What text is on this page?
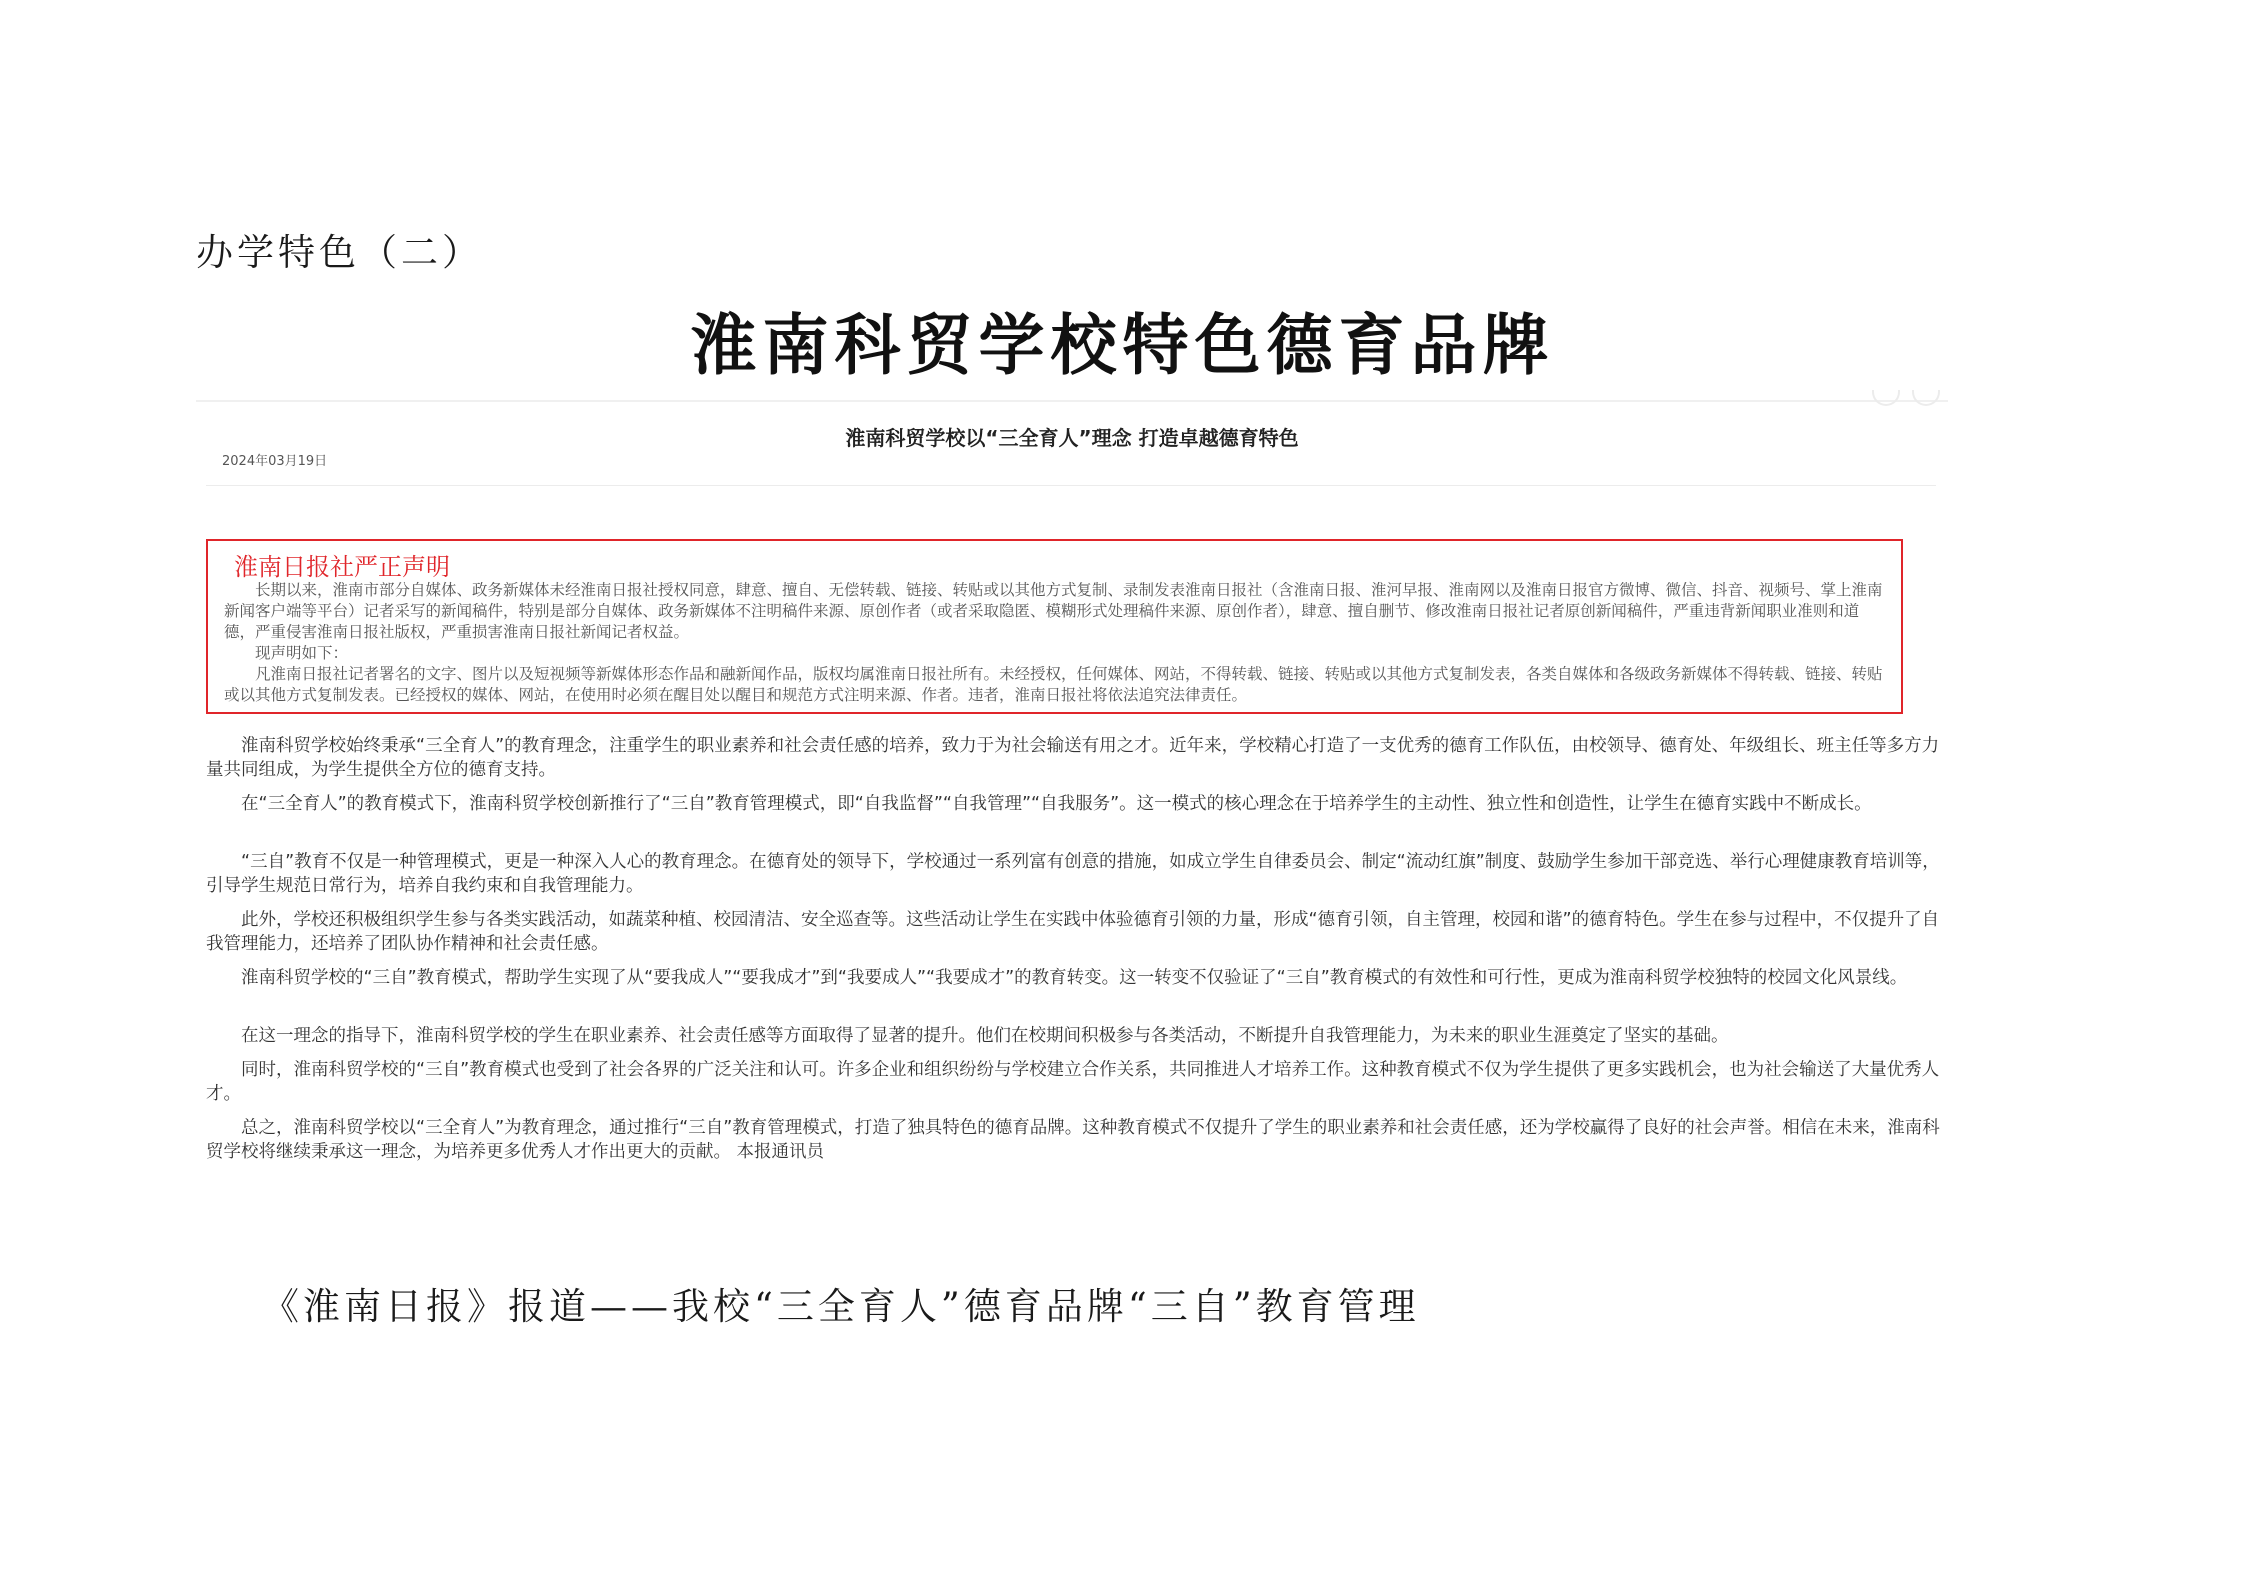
办学特色（二）
淮南科贸学校特色德育品牌
淮南科贸学校以“三全育人”理念 打造卓越德育特色
2024年03月19日
淮南日报社严正声明

长期以来，淮南市部分自媒体、政务新媒体未经淮南日报社授权同意，肆意、擅自、无偿转载、链接、转贴或以其他方式复制、录制发表淮南日报社（含淮南日报、淮河早报、淮南网以及淮南日报官方微博、微信、抖音、视频号、掌上淮南新闻客户端等平台）记者采写的新闻稿件，特别是部分自媒体、政务新媒体不注明稿件来源、原创作者（或者采取隐匿、模糊形式处理稿件来源、原创作者），肆意、擅自删节、修改淮南日报社记者原创新闻稿件，严重违背新闻职业准则和道德，严重侵害淮南日报社版权，严重损害淮南日报社新闻记者权益。

现声明如下：

凡淮南日报社记者署名的文字、图片以及短视频等新媒体形态作品和融新闻作品，版权均属淮南日报社所有。未经授权，任何媒体、网站，不得转载、链接、转贴或以其他方式复制发表，各类自媒体和各级政务新媒体不得转载、链接、转贴或以其他方式复制发表。已经授权的媒体、网站，在使用时必须在醒目处以醒目和规范方式注明来源、作者。违者，淮南日报社将依法追究法律责任。

淮南科贸学校始终秉承“三全育人”的教育理念，注重学生的职业素养和社会责任感的培养，致力于为社会输送有用之才。近年来，学校精心打造了一支优秀的德育工作队伍，由校领导、德育处、年级组长、班主任等多方力量共同组成，为学生提供全方位的德育支持。

在“三全育人”的教育模式下，淮南科贸学校创新推行了“三自”教育管理模式，即“自我监督”“自我管理”“自我服务”。这一模式的核心理念在于培养学生的主动性、独立性和创造性，让学生在德育实践中不断成长。

“三自”教育不仅是一种管理模式，更是一种深入人心的教育理念。在德育处的领导下，学校通过一系列富有创意的措施，如成立学生自律委员会、制定“流动红旗”制度、鼓励学生参加干部竞选、举行心理健康教育培训等，引导学生规范日常行为，培养自我约束和自我管理能力。

此外，学校还积极组织学生参与各类实践活动，如蔬菜种植、校园清洁、安全巡查等。这些活动让学生在实践中体验德育引领的力量，形成“德育引领，自主管理，校园和谐”的德育特色。学生在参与过程中，不仅提升了自我管理能力，还培养了团队协作精神和社会责任感。

淮南科贸学校的“三自”教育模式，帮助学生实现了从“要我成人”“要我成才”到“我要成人”“我要成才”的教育转变。这一转变不仅验证了“三自”教育模式的有效性和可行性，更成为淮南科贸学校独特的校园文化风景线。

在这一理念的指导下，淮南科贸学校的学生在职业素养、社会责任感等方面取得了显著的提升。他们在校期间积极参与各类活动，不断提升自我管理能力，为未来的职业生涯奠定了坚实的基础。

同时，淮南科贸学校的“三自”教育模式也受到了社会各界的广泛关注和认可。许多企业和组织纷纷与学校建立合作关系，共同推进人才培养工作。这种教育模式不仅为学生提供了更多实践机会，也为社会输送了大量优秀人才。

总之，淮南科贸学校以“三全育人”为教育理念，通过推行“三自”教育管理模式，打造了独具特色的德育品牌。这种教育模式不仅提升了学生的职业素养和社会责任感，还为学校赢得了良好的社会声誉。相信在未来，淮南科贸学校将继续秉承这一理念，为培养更多优秀人才作出更大的贡献。 本报通讯员

《淮南日报》报道——我校“三全育人”德育品牌“三自”教育管理
